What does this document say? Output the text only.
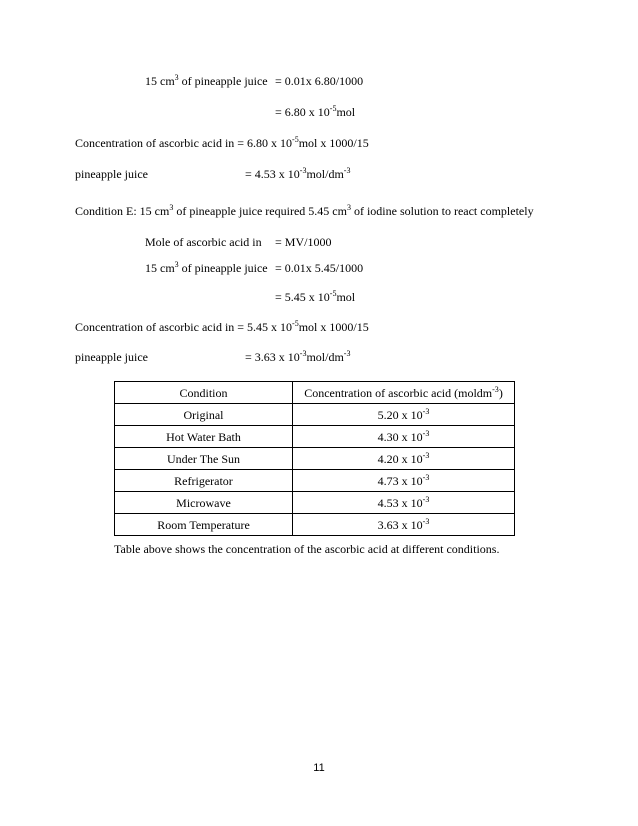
15 $cm^3$ of pineapple juice = 0.01x 6.80/1000
= 6.80 x $10^{-5}mol$
Concentration of ascorbic acid in = 6.80 x $10^{-5}mol$ x 1000/15
pineapple juice	= 4.53 x $10^{-3}mol/dm^{-3}$
Condition E: 15 $cm^3$ of pineapple juice required 5.45 $cm^3$ of iodine solution to react completely
Mole of ascorbic acid in = MV/1000
15 $cm^3$ of pineapple juice = 0.01x 5.45/1000
= 5.45 x $10^{-5}mol$
Concentration of ascorbic acid in = 5.45 x $10^{-5}mol$ x 1000/15
pineapple juice	= 3.63 x $10^{-3}mol/dm^{-3}$
Condition	Concentration of ascorbic acid (moldm$^{-3}$)
Original	5.20 x $10^{-3}$
Hot Water Bath	4.30 x $10^{-3}$
Under The Sun	4.20 x $10^{-3}$
Refrigerator	4.73 x $10^{-3}$
Microwave	4.53 x $10^{-3}$
Room Temperature	3.63 x $10^{-3}$
Table above shows the concentration of the ascorbic acid at different conditions.
11
